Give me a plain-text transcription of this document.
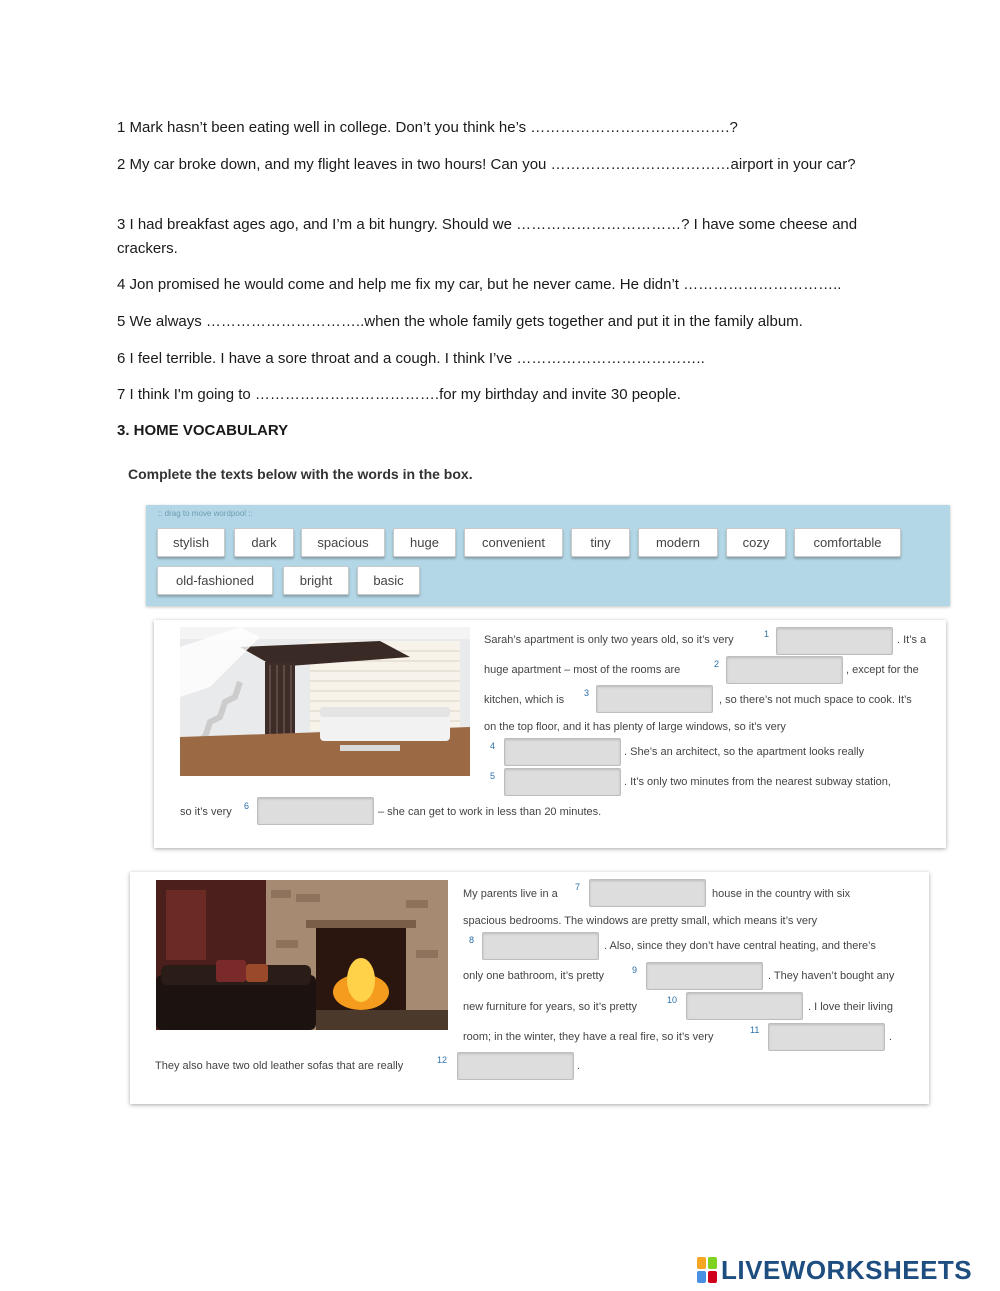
1 Mark hasn’t been eating well in college. Don’t you think he’s ………………………………….?
2 My car broke down, and my flight leaves in two hours! Can you ………………………………airport in your car?
3 I had breakfast ages ago, and I’m a bit hungry. Should we ……………………………? I have some cheese and crackers.
4 Jon promised he would come and help me fix my car, but he never came. He didn’t …………………………..
5 We always …………………………..when the whole family gets together and put it in the family album.
6 I feel terrible. I have a sore throat and a cough. I think I’ve ………………………………..
7 I think I'm going to ……………………………….for my birthday and invite 30 people.
3. HOME VOCABULARY
Complete the texts below with the words in the box.
:: drag to move wordpool ::
stylish	dark	spacious	huge	convenient	tiny	modern	cozy	comfortable
old-fashioned	bright	basic
Sarah’s apartment is only two years old, so it’s very	1	. It’s a
huge apartment – most of the rooms are	2	, except for the
kitchen, which is
3
, so there’s not much space to cook. It’s
on the top floor, and it has plenty of large windows, so it’s very
4	. She’s an architect, so the apartment looks really
5	. It’s only two minutes from the nearest subway station,
so it’s very 6	– she can get to work in less than 20 minutes.
My parents live in a
7
house in the country with six
spacious bedrooms. The windows are pretty small, which means it’s very
8	. Also, since they don’t have central heating, and there’s
only one bathroom, it’s pretty	9	. They haven’t bought any
new furniture for years, so it’s pretty
10
. I love their living
room; in the winter, they have a real fire, so it’s very
11
.
They also have two old leather sofas that are really	12	.
LIVEWORKSHEETS
